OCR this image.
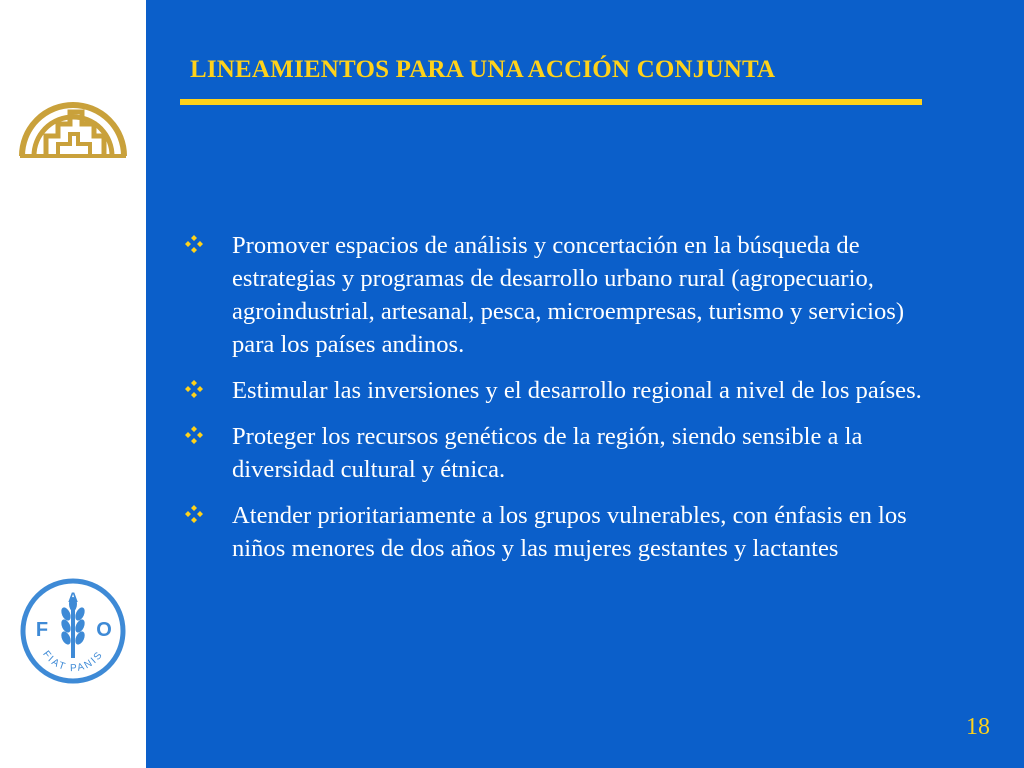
F
A
O
FIAT PANIS
LINEAMIENTOS PARA UNA ACCIÓN CONJUNTA
Promover espacios de análisis y concertación en la búsqueda de estrategias y programas de desarrollo urbano rural (agropecuario, agroindustrial, artesanal, pesca, microempresas, turismo y servicios) para los países andinos.
Estimular las inversiones y el desarrollo regional a nivel de los países.
Proteger los recursos genéticos de la región, siendo sensible a la diversidad cultural y étnica.
Atender prioritariamente a los grupos vulnerables, con énfasis en los niños menores de dos años y las mujeres gestantes y lactantes
18
